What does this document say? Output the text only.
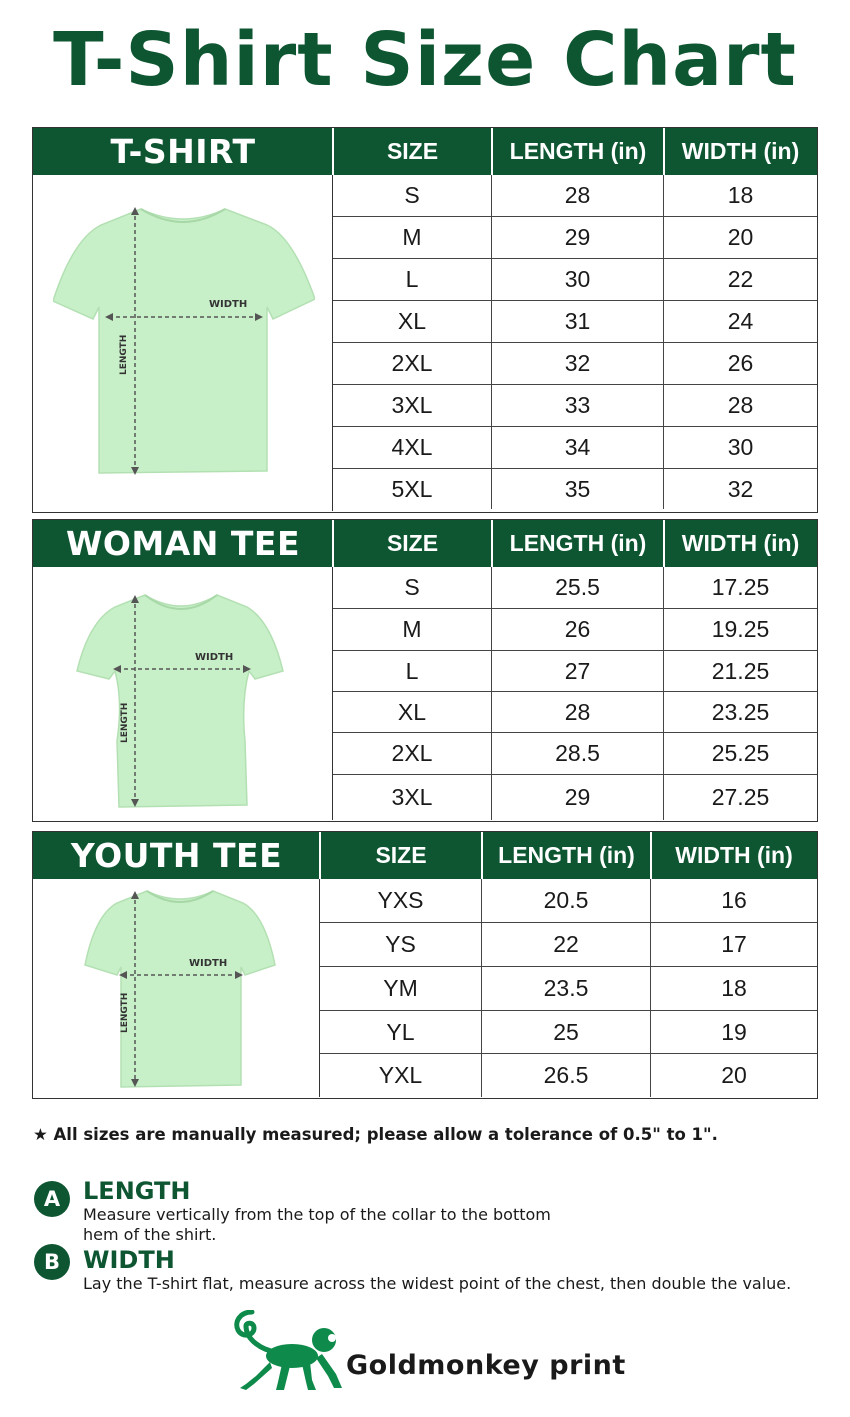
T-Shirt Size Chart
T-SHIRT	SIZE	LENGTH (in) WIDTH (in)
WIDTH
LENGTH
S	28	18
M	29	20
L	30	22
XL	31	24
2XL	32	26
3XL	33	28
4XL	34	30
5XL	35	32
WOMAN TEE	SIZE	LENGTH (in) WIDTH (in)
WIDTH
LENGTH
S	25.5	17.25
M	26	19.25
L	27	21.25
XL	28	23.25
2XL	28.5	25.25
3XL	29	27.25
YOUTH TEE	SIZE	LENGTH (in) WIDTH (in)
WIDTH
LENGTH
YXS	20.5	16
YS	22	17
YM	23.5	18
YL	25	19
YXL	26.5	20
★ All sizes are manually measured; please allow a tolerance of 0.5" to 1".
A LENGTH
Measure vertically from the top of the collar to the bottom
hem of the shirt.
B WIDTH
Lay the T-shirt flat, measure across the widest point of the chest, then double the value.
Goldmonkey print
